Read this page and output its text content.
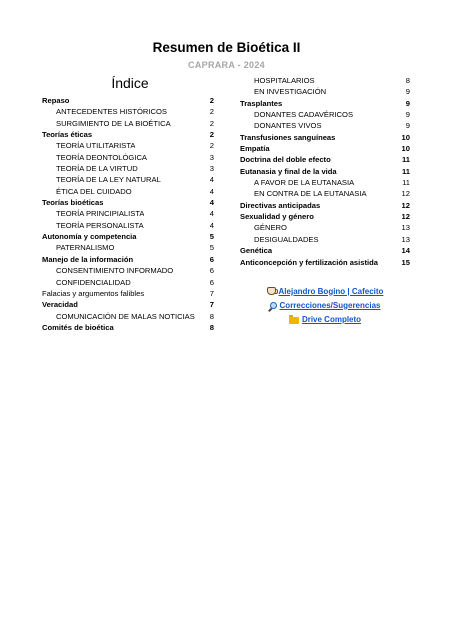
Resumen de Bioética II
CAPRARA - 2024
Índice
Repaso	2
ANTECEDENTES HISTÓRICOS	2
SURGIMIENTO DE LA BIOÉTICA	2
Teorías éticas	2
TEORÍA UTILITARISTA	2
TEORÍA DEONTOLÓGICA	3
TEORÍA DE LA VIRTUD	3
TEORÍA DE LA LEY NATURAL	4
ÉTICA DEL CUIDADO	4
Teorías bioéticas	4
TEORÍA PRINCIPIALISTA	4
TEORÍA PERSONALISTA	4
Autonomía y competencia	5
PATERNALISMO	5
Manejo de la información	6
CONSENTIMIENTO INFORMADO	6
CONFIDENCIALIDAD	6
Falacias y argumentos falibles	7
Veracidad	7
COMUNICACIÓN DE MALAS NOTICIAS 8
Comités de bioética	8
HOSPITALARIOS	8
EN INVESTIGACIÓN	9
Trasplantes	9
DONANTES CADAVÉRICOS	9
DONANTES VIVOS	9
Transfusiones sanguíneas	10
Empatía	10
Doctrina del doble efecto	11
Eutanasia y final de la vida	11
A FAVOR DE LA EUTANASIA	11
EN CONTRA DE LA EUTANASIA	12
Directivas anticipadas	12
Sexualidad y género	12
GÉNERO	13
DESIGUALDADES	13
Genética	14
Anticoncepción y fertilización asistida	15
Alejandro Bogino | Cafecito
Correcciones/Sugerencias
Drive Completo
